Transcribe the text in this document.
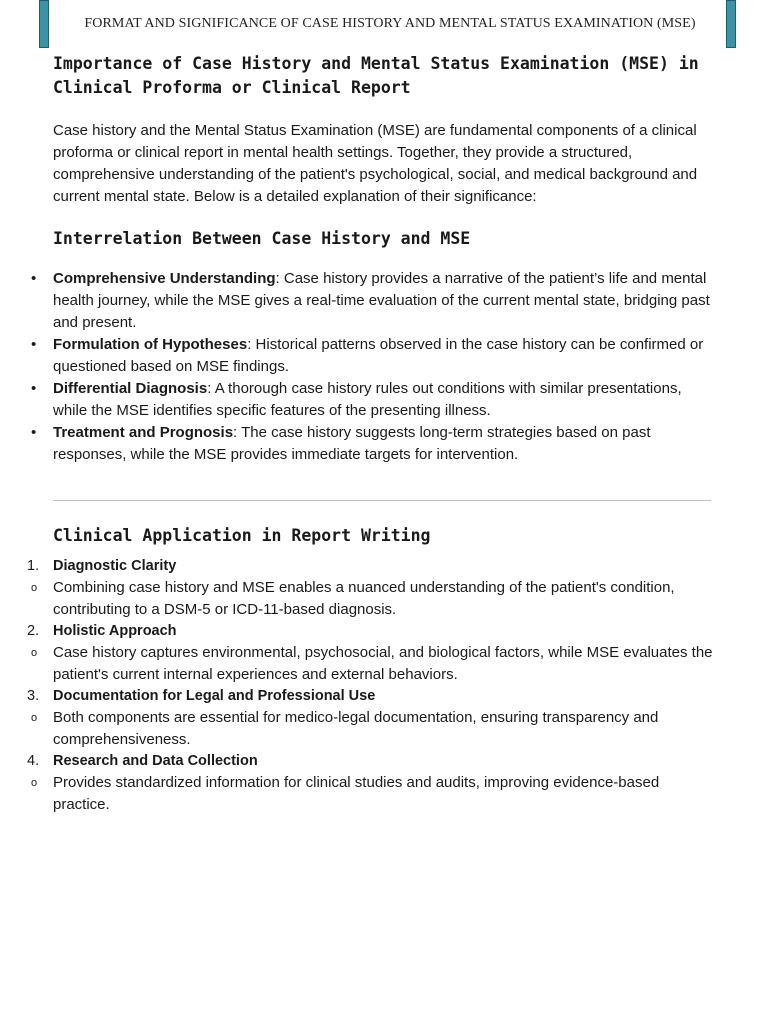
FORMAT AND SIGNIFICANCE OF CASE HISTORY AND MENTAL STATUS EXAMINATION (MSE)
Importance of Case History and Mental Status Examination (MSE) in Clinical Proforma or Clinical Report

Case history and the Mental Status Examination (MSE) are fundamental components of a clinical proforma or clinical report in mental health settings. Together, they provide a structured, comprehensive understanding of the patient's psychological, social, and medical background and current mental state. Below is a detailed explanation of their significance:

Interrelation Between Case History and MSE
• Comprehensive Understanding: Case history provides a narrative of the patient’s life and mental health journey, while the MSE gives a real-time evaluation of the current mental state, bridging past and present.
• Formulation of Hypotheses: Historical patterns observed in the case history can be confirmed or questioned based on MSE findings.
• Differential Diagnosis: A thorough case history rules out conditions with similar presentations, while the MSE identifies specific features of the presenting illness.
• Treatment and Prognosis: The case history suggests long-term strategies based on past responses, while the MSE provides immediate targets for intervention.
Clinical Application in Report Writing
1. Diagnostic Clarity
o Combining case history and MSE enables a nuanced understanding of the patient's condition, contributing to a DSM-5 or ICD-11-based diagnosis.
2. Holistic Approach
o Case history captures environmental, psychosocial, and biological factors, while MSE evaluates the patient's current internal experiences and external behaviors.
3. Documentation for Legal and Professional Use
o Both components are essential for medico-legal documentation, ensuring transparency and comprehensiveness.
4. Research and Data Collection
o Provides standardized information for clinical studies and audits, improving evidence-based practice.
